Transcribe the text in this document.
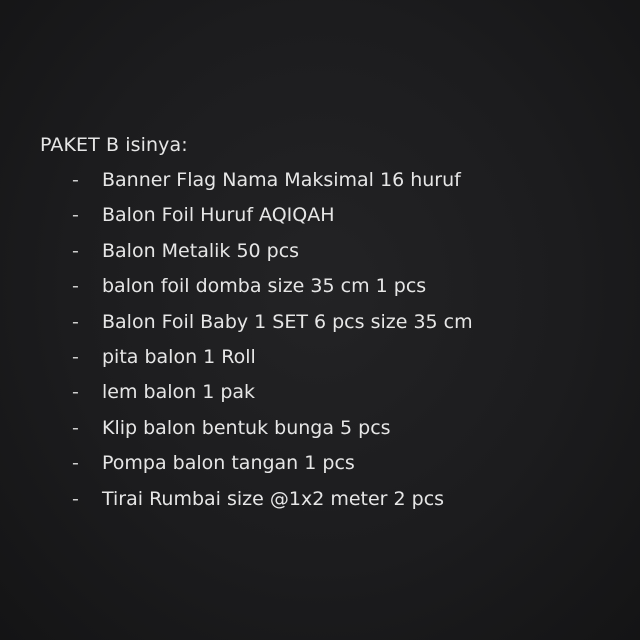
PAKET B isinya:
- Banner Flag Nama Maksimal 16 huruf
- Balon Foil Huruf AQIQAH
- Balon Metalik 50 pcs
- balon foil domba size 35 cm 1 pcs
- Balon Foil Baby 1 SET 6 pcs size 35 cm
- pita balon 1 Roll
- lem balon 1 pak
- Klip balon bentuk bunga 5 pcs
- Pompa balon tangan 1 pcs
- Tirai Rumbai size @1x2 meter 2 pcs
